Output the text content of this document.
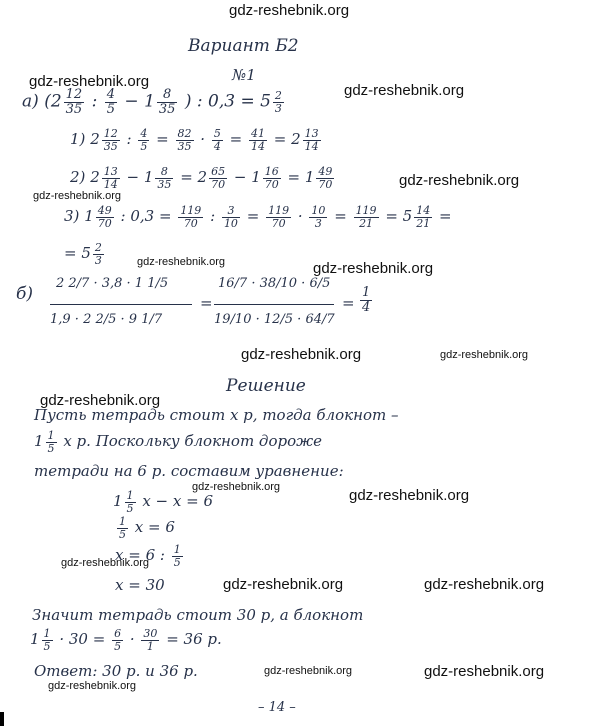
gdz-reshebnik.org
Вариант Б2
gdz-reshebnik.org
gdz-reshebnik.org
gdz-reshebnik.org
gdz-reshebnik.org
gdz-reshebnik.org	gdz-reshebnik.org
gdz-reshebnik.org	gdz-reshebnik.org
gdz-reshebnik.org
gdz-reshebnik.org	gdz-reshebnik.org
gdz-reshebnik.org
gdz-reshebnik.org	gdz-reshebnik.org
gdz-reshebnik.org	gdz-reshebnik.org
gdz-reshebnik.org
№1
а) ($2 \frac{12}{35}$ : $\frac{4}{5} - 1 \frac{8}{35}$ ) : $0,3 = 5 \frac{2}{3}$
1) $2 \frac{12}{35}$ : $\frac{4}{5} = \frac{82}{35} \cdot \frac{5}{4} = \frac{41}{14} = 2 \frac{13}{14}$
2) $2 \frac{13}{14} - 1 \frac{8}{35} = 2 \frac{65}{70} - 1 \frac{16}{70} = 1 \frac{49}{70}$
3) $1 \frac{49}{70}$ : $0,3 = \frac{119}{70}$ : $\frac{3}{10} = \frac{119}{70} \cdot \frac{10}{3} = \frac{119}{21} = 5 \frac{14}{21}$ =
= $5 \frac{2}{3}$
б)
2 2/7 · 3,8 · 1 1/5
1,9 · 2 2/5 · 9 1/7
=
16/7 · 38/10 · 6/5
19/10 · 12/5 · 64/7
= $\frac{1}{4}$
Решение
Пусть тетрадь стоит x р, тогда блокнот –
$1 \frac{1}{5}$ x р. Поскольку блокнот дороже
тетради на 6 р. составим уравнение:
$1 \frac{1}{5}$ x − x = 6
$\frac{1}{5}$ x = 6
x = 6 : $\frac{1}{5}$
x = 30
Значит тетрадь стоит 30 р, а блокнот
$1 \frac{1}{5} \cdot 30 = \frac{6}{5} \cdot \frac{30}{1} = 36$ р.
Ответ: 30 р. и 36 р.
– 14 –
